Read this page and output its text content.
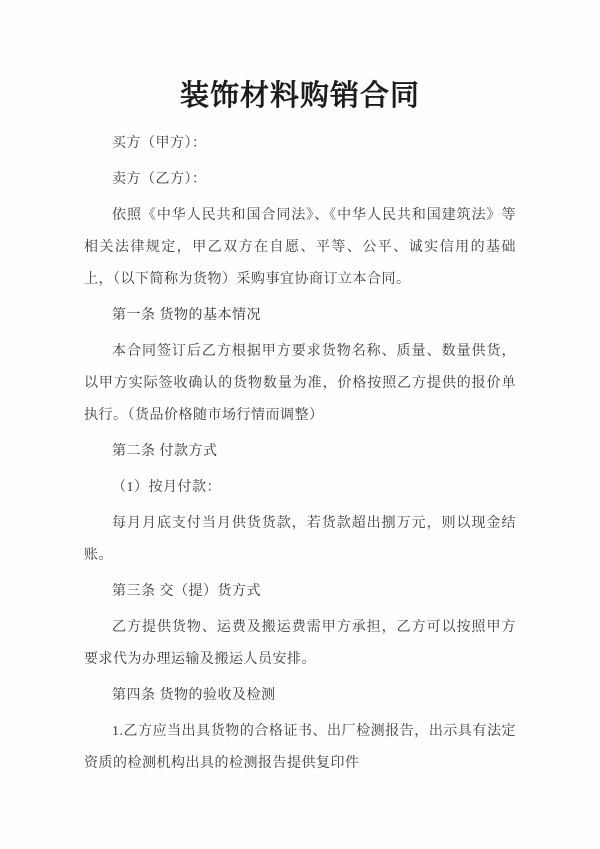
装饰材料购销合同

买方（甲方）：

卖方（乙方）：

依照《中华人民共和国合同法》、《中华人民共和国建筑法》等相关法律规定，甲乙双方在自愿、平等、公平、诚实信用的基础上，（以下简称为货物）采购事宜协商订立本合同。

第一条 货物的基本情况

本合同签订后乙方根据甲方要求货物名称、质量、数量供货，以甲方实际签收确认的货物数量为准，价格按照乙方提供的报价单执行。（货品价格随市场行情而调整）

第二条 付款方式

（1）按月付款：

每月月底支付当月供货货款，若货款超出捌万元，则以现金结账。

第三条 交（提）货方式

乙方提供货物、运费及搬运费需甲方承担，乙方可以按照甲方要求代为办理运输及搬运人员安排。

第四条 货物的验收及检测

1.乙方应当出具货物的合格证书、出厂检测报告，出示具有法定资质的检测机构出具的检测报告提供复印件
